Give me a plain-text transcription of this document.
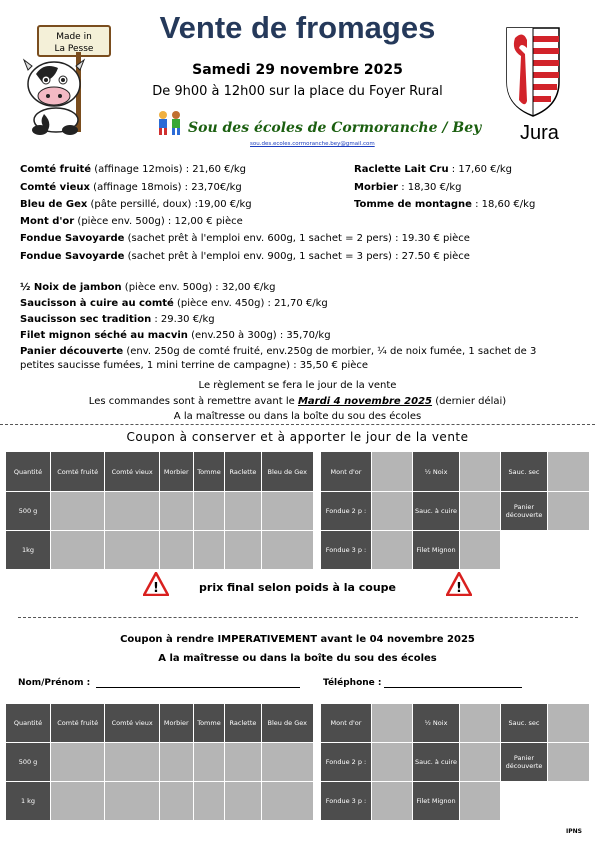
Made in
La Pesse
Vente de fromages
Samedi 29 novembre 2025
De 9h00 à 12h00 sur la place du Foyer Rural
Sou des écoles de Cormoranche / Bey
sou.des.ecoles.cormoranche.bey@gmail.com	Jura
Comté fruité (affinage 12mois) : 21,60 €/kg
Comté vieux (affinage 18mois) : 23,70€/kg
Bleu de Gex (pâte persillé, doux) :19,00 €/kg
Mont d'or (pièce env. 500g) : 12,00 € pièce
Fondue Savoyarde (sachet prêt à l'emploi env. 600g, 1 sachet = 2 pers) : 19.30 € pièce
Fondue Savoyarde (sachet prêt à l'emploi env. 900g, 1 sachet = 3 pers) : 27.50 € pièce
Raclette Lait Cru : 17,60 €/kg
Morbier : 18,30 €/kg
Tomme de montagne : 18,60 €/kg
½ Noix de jambon (pièce env. 500g) : 32,00 €/kg
Saucisson à cuire au comté (pièce env. 450g) : 21,70 €/kg
Saucisson sec tradition : 29.30 €/kg
Filet mignon séché au macvin (env.250 à 300g) : 35,70/kg
Panier découverte (env. 250g de comté fruité, env.250g de morbier, ¼ de noix fumée, 1 sachet de 3
petites saucisse fumées, 1 mini terrine de campagne) : 35,50 € pièce
Le règlement se fera le jour de la vente
Les commandes sont à remettre avant le Mardi 4 novembre 2025 (dernier délai)
A la maîtresse ou dans la boîte du sou des écoles
Coupon à conserver et à apporter le jour de la vente
Quantité	Comté fruité	Comté vieux	Morbier	Tomme	Raclette	Bleu de Gex
500 g						
1kg						
Mont d'or		½ Noix		Sauc. sec	
Fondue 2 p :		Sauc. à cuire		Panier découverte	
Fondue 3 p :		Filet Mignon			
!	prix final selon poids à la coupe	!
Coupon à rendre IMPERATIVEMENT avant le 04 novembre 2025
A la maîtresse ou dans la boîte du sou des écoles
Nom/Prénom :	Téléphone :
Quantité	Comté fruité	Comté vieux	Morbier	Tomme	Raclette	Bleu de Gex
500 g						
1 kg						
Mont d'or		½ Noix		Sauc. sec	
Fondue 2 p :		Sauc. à cuire		Panier découverte	
Fondue 3 p :		Filet Mignon			
IPNS
